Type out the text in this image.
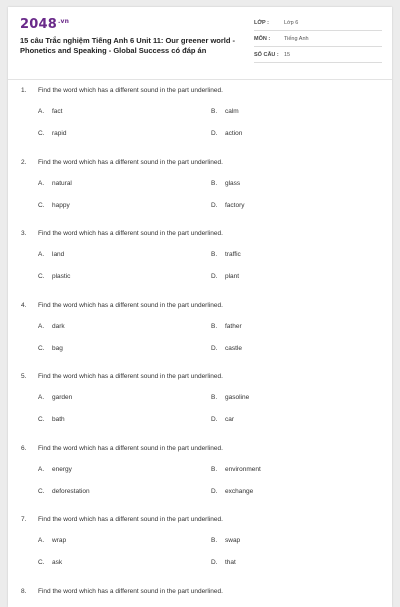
$2048^{.vn}$
15 câu Trắc nghiệm Tiếng Anh 6 Unit 11: Our greener world - Phonetics and Speaking - Global Success có đáp án
LỚP :	Lớp 6
MÔN :	Tiếng Anh
SỐ CÂU : 15
1. Find the word which has a different sound in the part underlined.
A. fact	B. calm
C. rapid	D. action
2. Find the word which has a different sound in the part underlined.
A. natural	B. glass
C. happy	D. factory
3. Find the word which has a different sound in the part underlined.
A. land	B. traffic
C. plastic	D. plant
4. Find the word which has a different sound in the part underlined.
A. dark	B. father
C. bag	D. castle
5. Find the word which has a different sound in the part underlined.
A. garden	B. gasoline
C. bath	D. car
6. Find the word which has a different sound in the part underlined.
A. energy	B. environment
C. deforestation	D. exchange
7. Find the word which has a different sound in the part underlined.
A. wrap	B. swap
C. ask	D. that
8. Find the word which has a different sound in the part underlined.
